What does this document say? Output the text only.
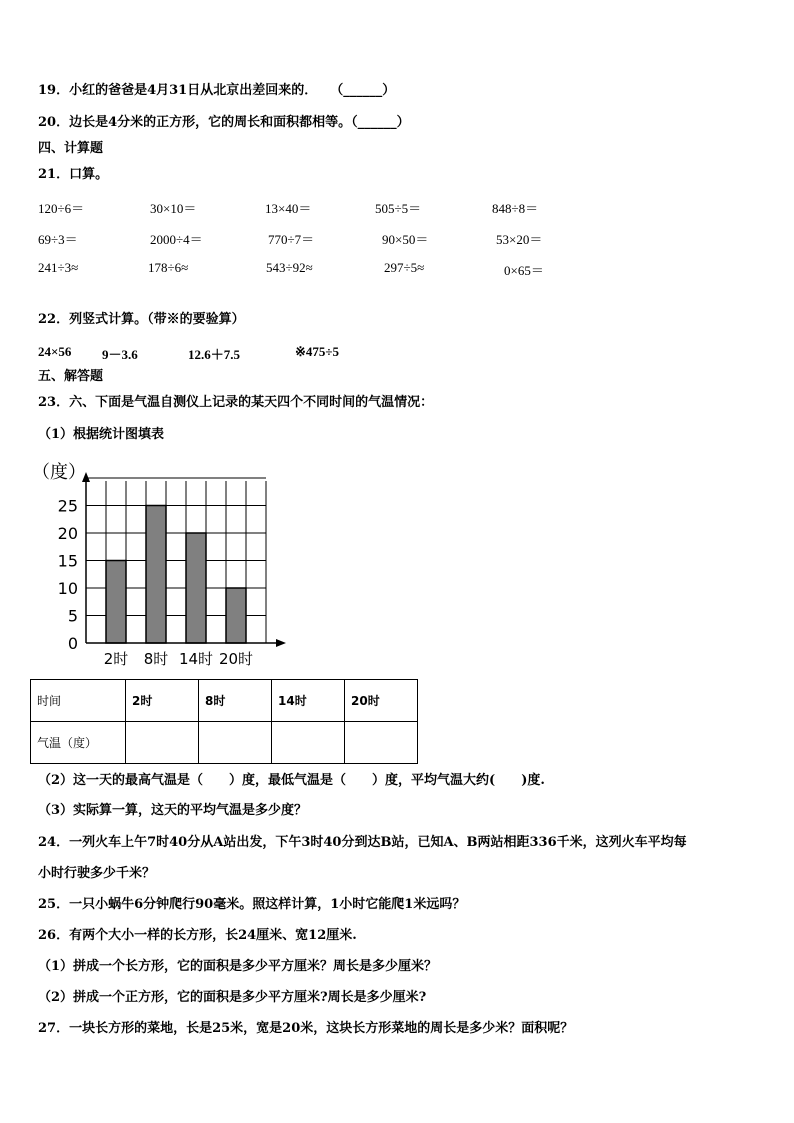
19．小红的爸爸是4月31日从北京出差回来的．　　（______）
20．边长是4分米的正方形，它的周长和面积都相等。（______）
四、计算题
21．口算。
120÷6＝	30×10＝	13×40＝	505÷5＝	848÷8＝
69÷3＝	2000÷4＝	770÷7＝	90×50＝	53×20＝
241÷3≈	178÷6≈	543÷92≈	297÷5≈	0×65＝
22．列竖式计算。（带※的要验算）
24×56 9－3.6	12.6＋7.5	※475÷5
五、解答题
23．六、下面是气温自测仪上记录的某天四个不同时间的气温情况：
（1）根据统计图填表
0
5
10
15
20
25
2时 8时 14时 20时
（度）
时间	2时	8时	14时	20时
气温（度）				
（2）这一天的最高气温是（　　）度，最低气温是（　　）度，平均气温大约(　　)度.
（3）实际算一算，这天的平均气温是多少度？
24．一列火车上午7时40分从A站出发，下午3时40分到达B站，已知A、B两站相距336千米，这列火车平均每
小时行驶多少千米？
25．一只小蜗牛6分钟爬行90毫米。照这样计算，1小时它能爬1米远吗？
26．有两个大小一样的长方形，长24厘米、宽12厘米.
（1）拼成一个长方形，它的面积是多少平方厘米？周长是多少厘米？
（2）拼成一个正方形，它的面积是多少平方厘米?周长是多少厘米?
27．一块长方形的菜地，长是25米，宽是20米，这块长方形菜地的周长是多少米？面积呢？
